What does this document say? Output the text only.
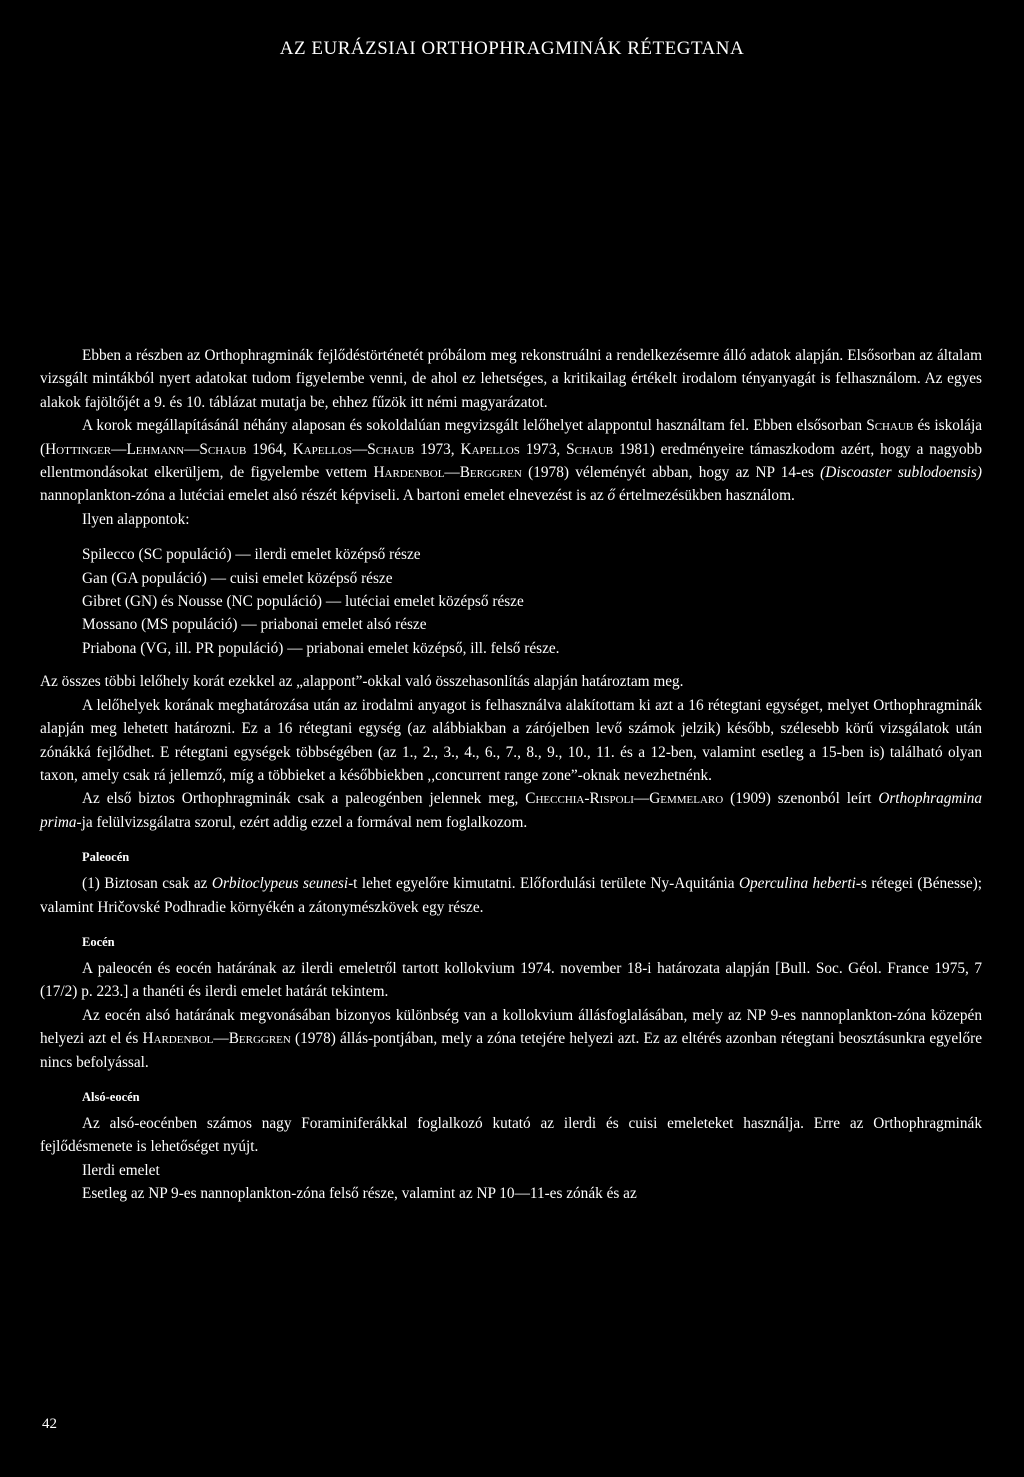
AZ EURÁZSIAI ORTHOPHRAGMINÁK RÉTEGTANA

Ebben a részben az Orthophragminák fejlődéstörténetét próbálom meg rekonstruálni a rendelkezésemre álló adatok alapján. Elsősorban az általam vizsgált mintákból nyert adatokat tudom figyelembe venni, de ahol ez lehetséges, a kritikailag értékelt irodalom tényanyagát is felhasználom. Az egyes alakok fajöltőjét a 9. és 10. táblázat mutatja be, ehhez fűzök itt némi magyarázatot.

A korok megállapításánál néhány alaposan és sokoldalúan megvizsgált lelőhelyet alappontul használtam fel. Ebben elsősorban Schaub és iskolája (Hottinger—Lehmann—Schaub 1964, Kapellos—Schaub 1973, Kapellos 1973, Schaub 1981) eredményeire támaszkodom azért, hogy a nagyobb ellentmondásokat elkerüljem, de figyelembe vettem Hardenbol—Berggren (1978) véleményét abban, hogy az NP 14-es (Discoaster sublodoensis) nannoplankton-zóna a lutéciai emelet alsó részét képviseli. A bartoni emelet elnevezést is az ő értelmezésükben használom.

Ilyen alappontok:

Spilecco (SC populáció) — ilerdi emelet középső része
Gan (GA populáció) — cuisi emelet középső része
Gibret (GN) és Nousse (NC populáció) — lutéciai emelet középső része
Mossano (MS populáció) — priabonai emelet alsó része
Priabona (VG, ill. PR populáció) — priabonai emelet középső, ill. felső része.

Az összes többi lelőhely korát ezekkel az „alappont”-okkal való összehasonlítás alapján határoztam meg.

A lelőhelyek korának meghatározása után az irodalmi anyagot is felhasználva alakítottam ki azt a 16 rétegtani egységet, melyet Orthophragminák alapján meg lehetett határozni. Ez a 16 rétegtani egység (az alábbiakban a zárójelben levő számok jelzik) később, szélesebb körű vizsgálatok után zónákká fejlődhet. E rétegtani egységek többségében (az 1., 2., 3., 4., 6., 7., 8., 9., 10., 11. és a 12-ben, valamint esetleg a 15-ben is) található olyan taxon, amely csak rá jellemző, míg a többieket a későbbiekben ,,concurrent range zone”-oknak nevezhetnénk.

Az első biztos Orthophragminák csak a paleogénben jelennek meg, Checchia-Rispoli—Gemmelaro (1909) szenonból leírt Orthophragmina prima-ja felülvizsgálatra szorul, ezért addig ezzel a formával nem foglalkozom.

Paleocén

(1) Biztosan csak az Orbitoclypeus seunesi-t lehet egyelőre kimutatni. Előfordulási területe Ny-Aquitánia Operculina heberti-s rétegei (Bénesse); valamint Hričovské Podhradie környékén a zátonymészkövek egy része.

Eocén

A paleocén és eocén határának az ilerdi emeletről tartott kollokvium 1974. november 18-i határozata alapján [Bull. Soc. Géol. France 1975, 7 (17/2) p. 223.] a thanéti és ilerdi emelet határát tekintem.

Az eocén alsó határának megvonásában bizonyos különbség van a kollokvium állásfoglalásában, mely az NP 9-es nannoplankton-zóna közepén helyezi azt el és Hardenbol—Berggren (1978) állás-pontjában, mely a zóna tetejére helyezi azt. Ez az eltérés azonban rétegtani beosztásunkra egyelőre nincs befolyással.

Alsó-eocén

Az alsó-eocénben számos nagy Foraminiferákkal foglalkozó kutató az ilerdi és cuisi emeleteket használja. Erre az Orthophragminák fejlődésmenete is lehetőséget nyújt.

Ilerdi emelet

Esetleg az NP 9-es nannoplankton-zóna felső része, valamint az NP 10—11-es zónák és az

42
